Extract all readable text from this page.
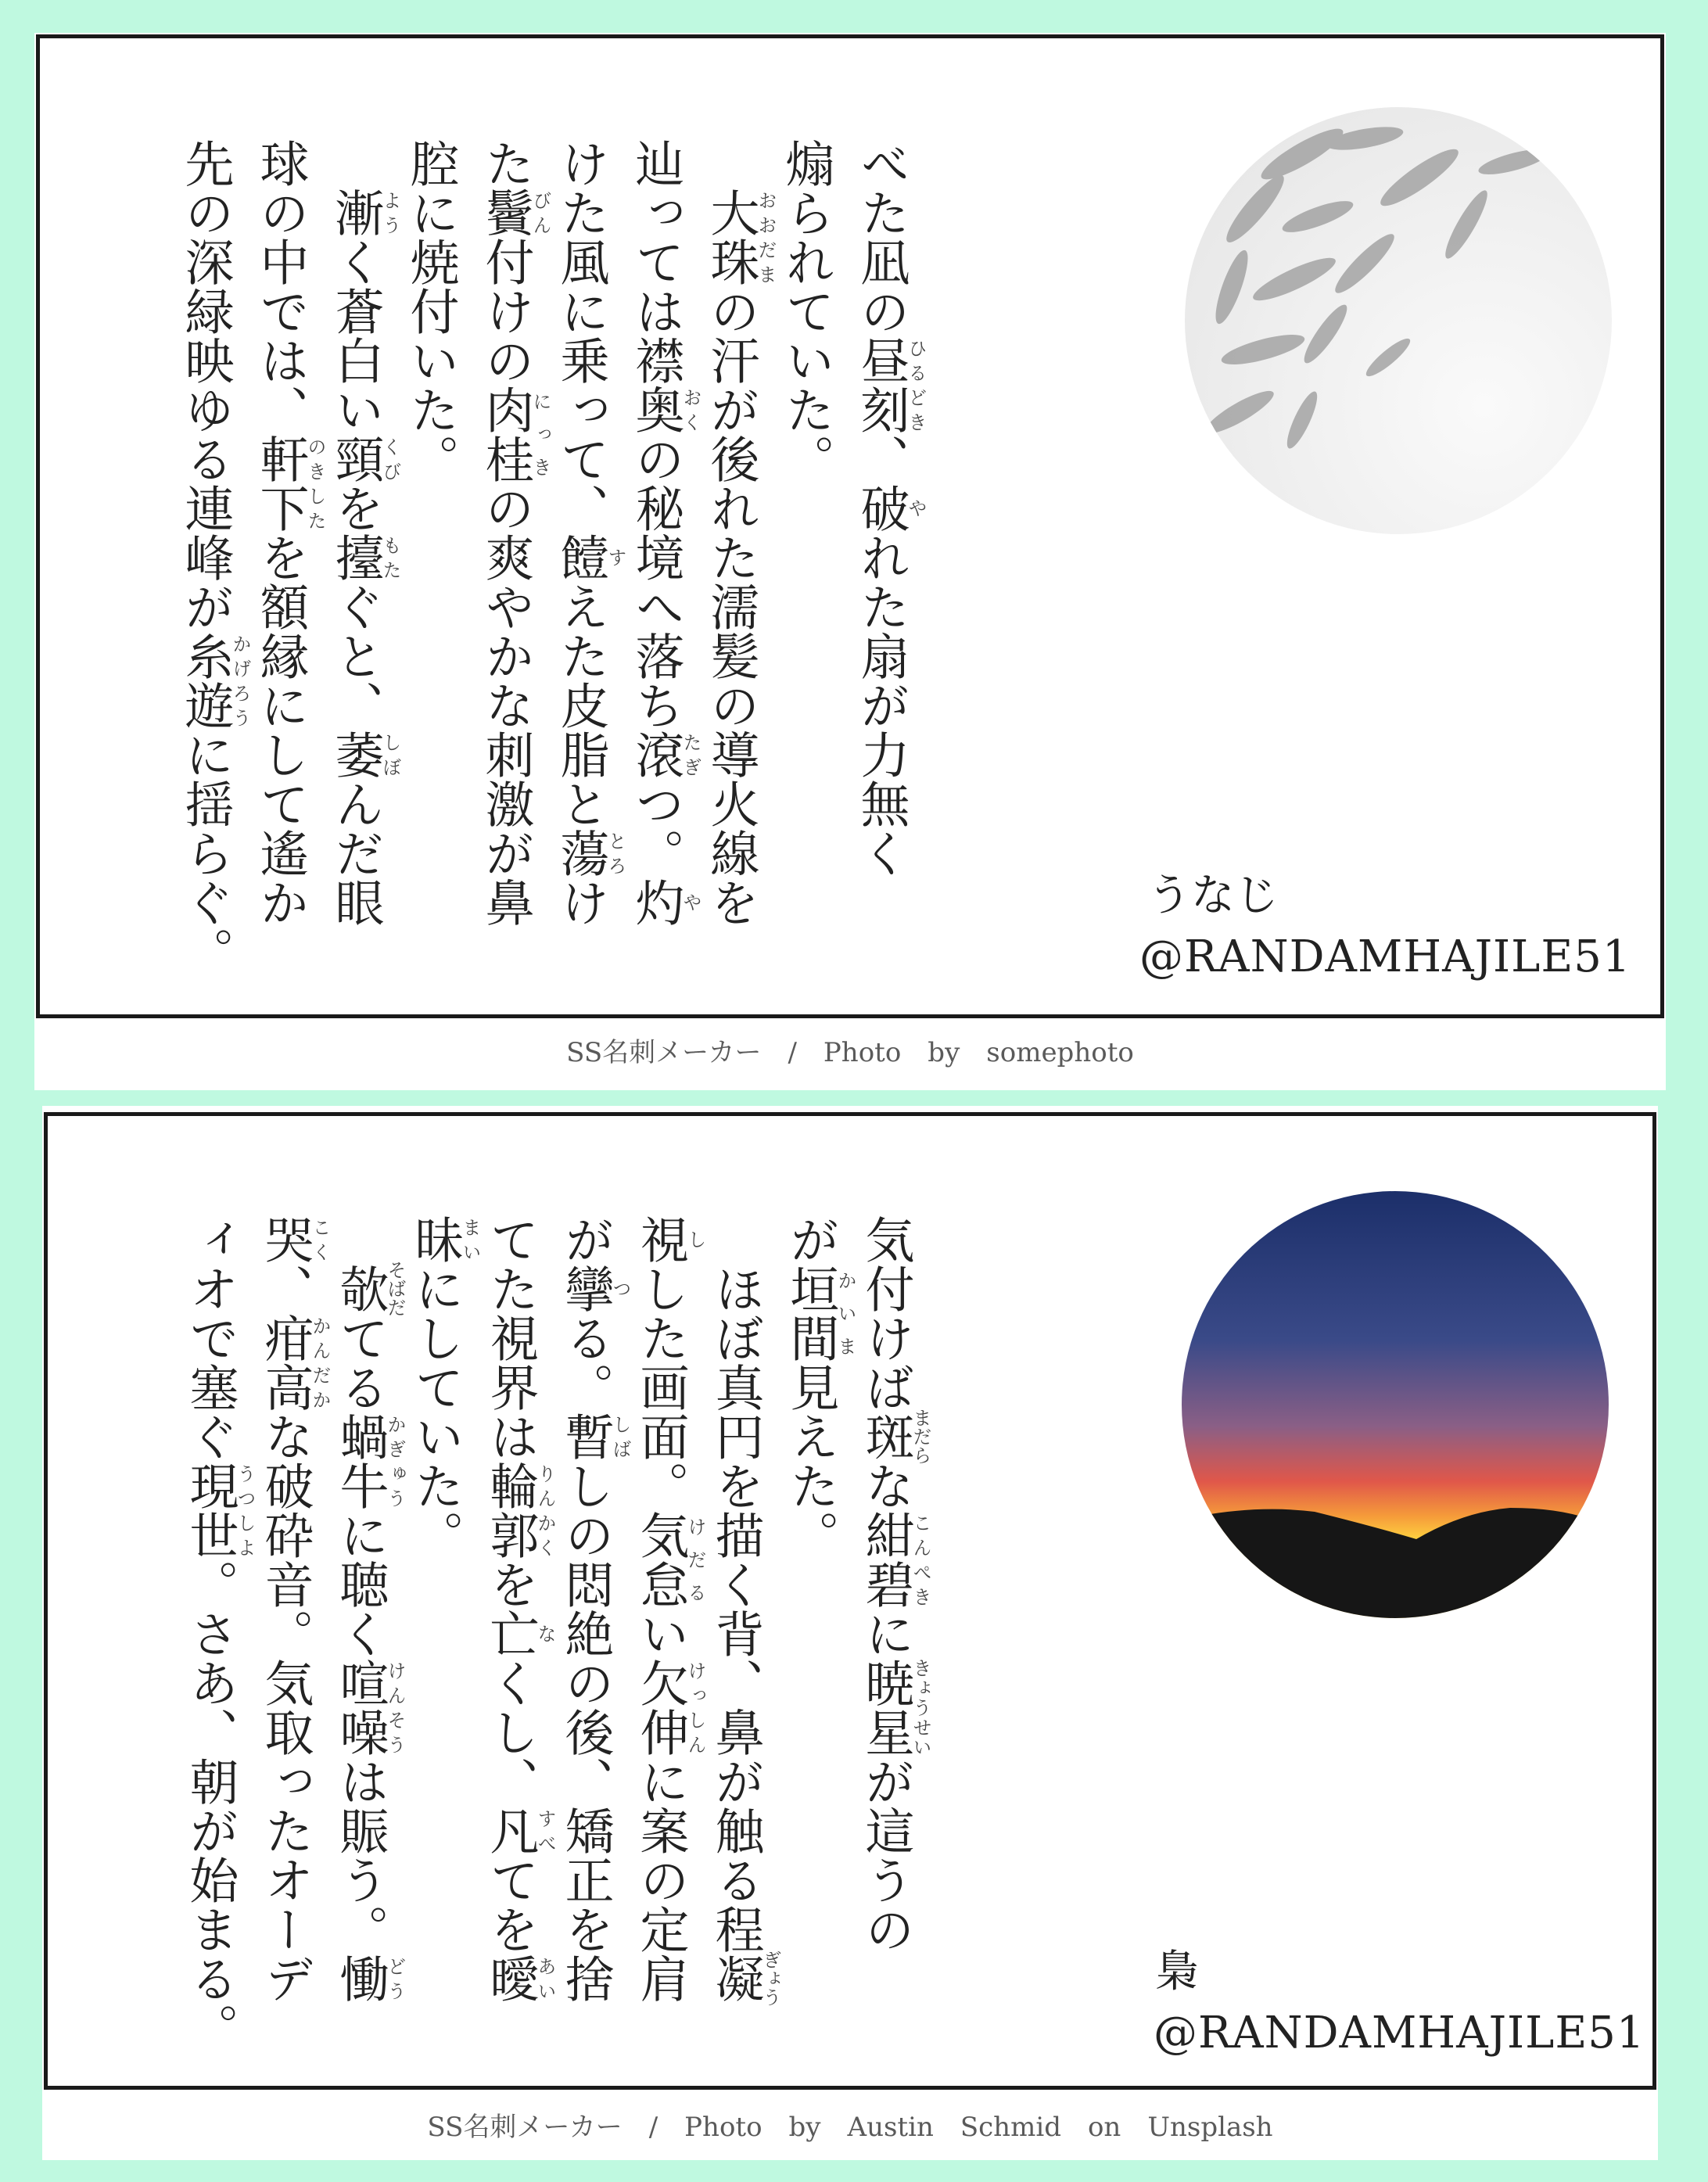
べた凪の昼刻ひるどき、破やれた扇が力無く
煽られていた。
　大珠おおだまの汗が後れた濡髪の導火線を
辿っては襟奥おくの秘境へ落ち滾たぎつ。灼や
けた風に乗って、饐すえた皮脂と蕩とろけ
た鬢びん付けの肉桂にっきの爽やかな刺激が鼻
腔に焼付いた。
　漸ようく蒼白い頸くびを擡もたぐと、萎しぼんだ眼
球の中では、軒下のきしたを額縁にして遙か
先の深緑映ゆる連峰が糸遊かげろうに揺らぐ。	うなじ
@RANDAMHAJILE51
SS名刺メーカー　/　Photo　by　somephoto
気付けば斑まだらな紺碧こんぺきに暁星きょうせいが這うの
が垣間かいま見えた。
　ほぼ真円を描く背、鼻が触る程凝ぎょう
視しした画面。気怠けだるい欠伸けっしんに案の定肩
が攣つる。暫しばしの悶絶の後、矯正を捨
てた視界は輪郭りんかくを亡なくし、凡すべてを曖あい
昧まいにしていた。
　欹そばだてる蝸牛かぎゅうに聴く喧噪けんそうは賑う。慟どう
哭こく、疳高かんだかな破砕音。気取ったオーデ
ィオで塞ぐ現世うつしよ。さあ、朝が始まる。	梟
@RANDAMHAJILE51
SS名刺メーカー　/　Photo　by　Austin　Schmid　on　Unsplash
